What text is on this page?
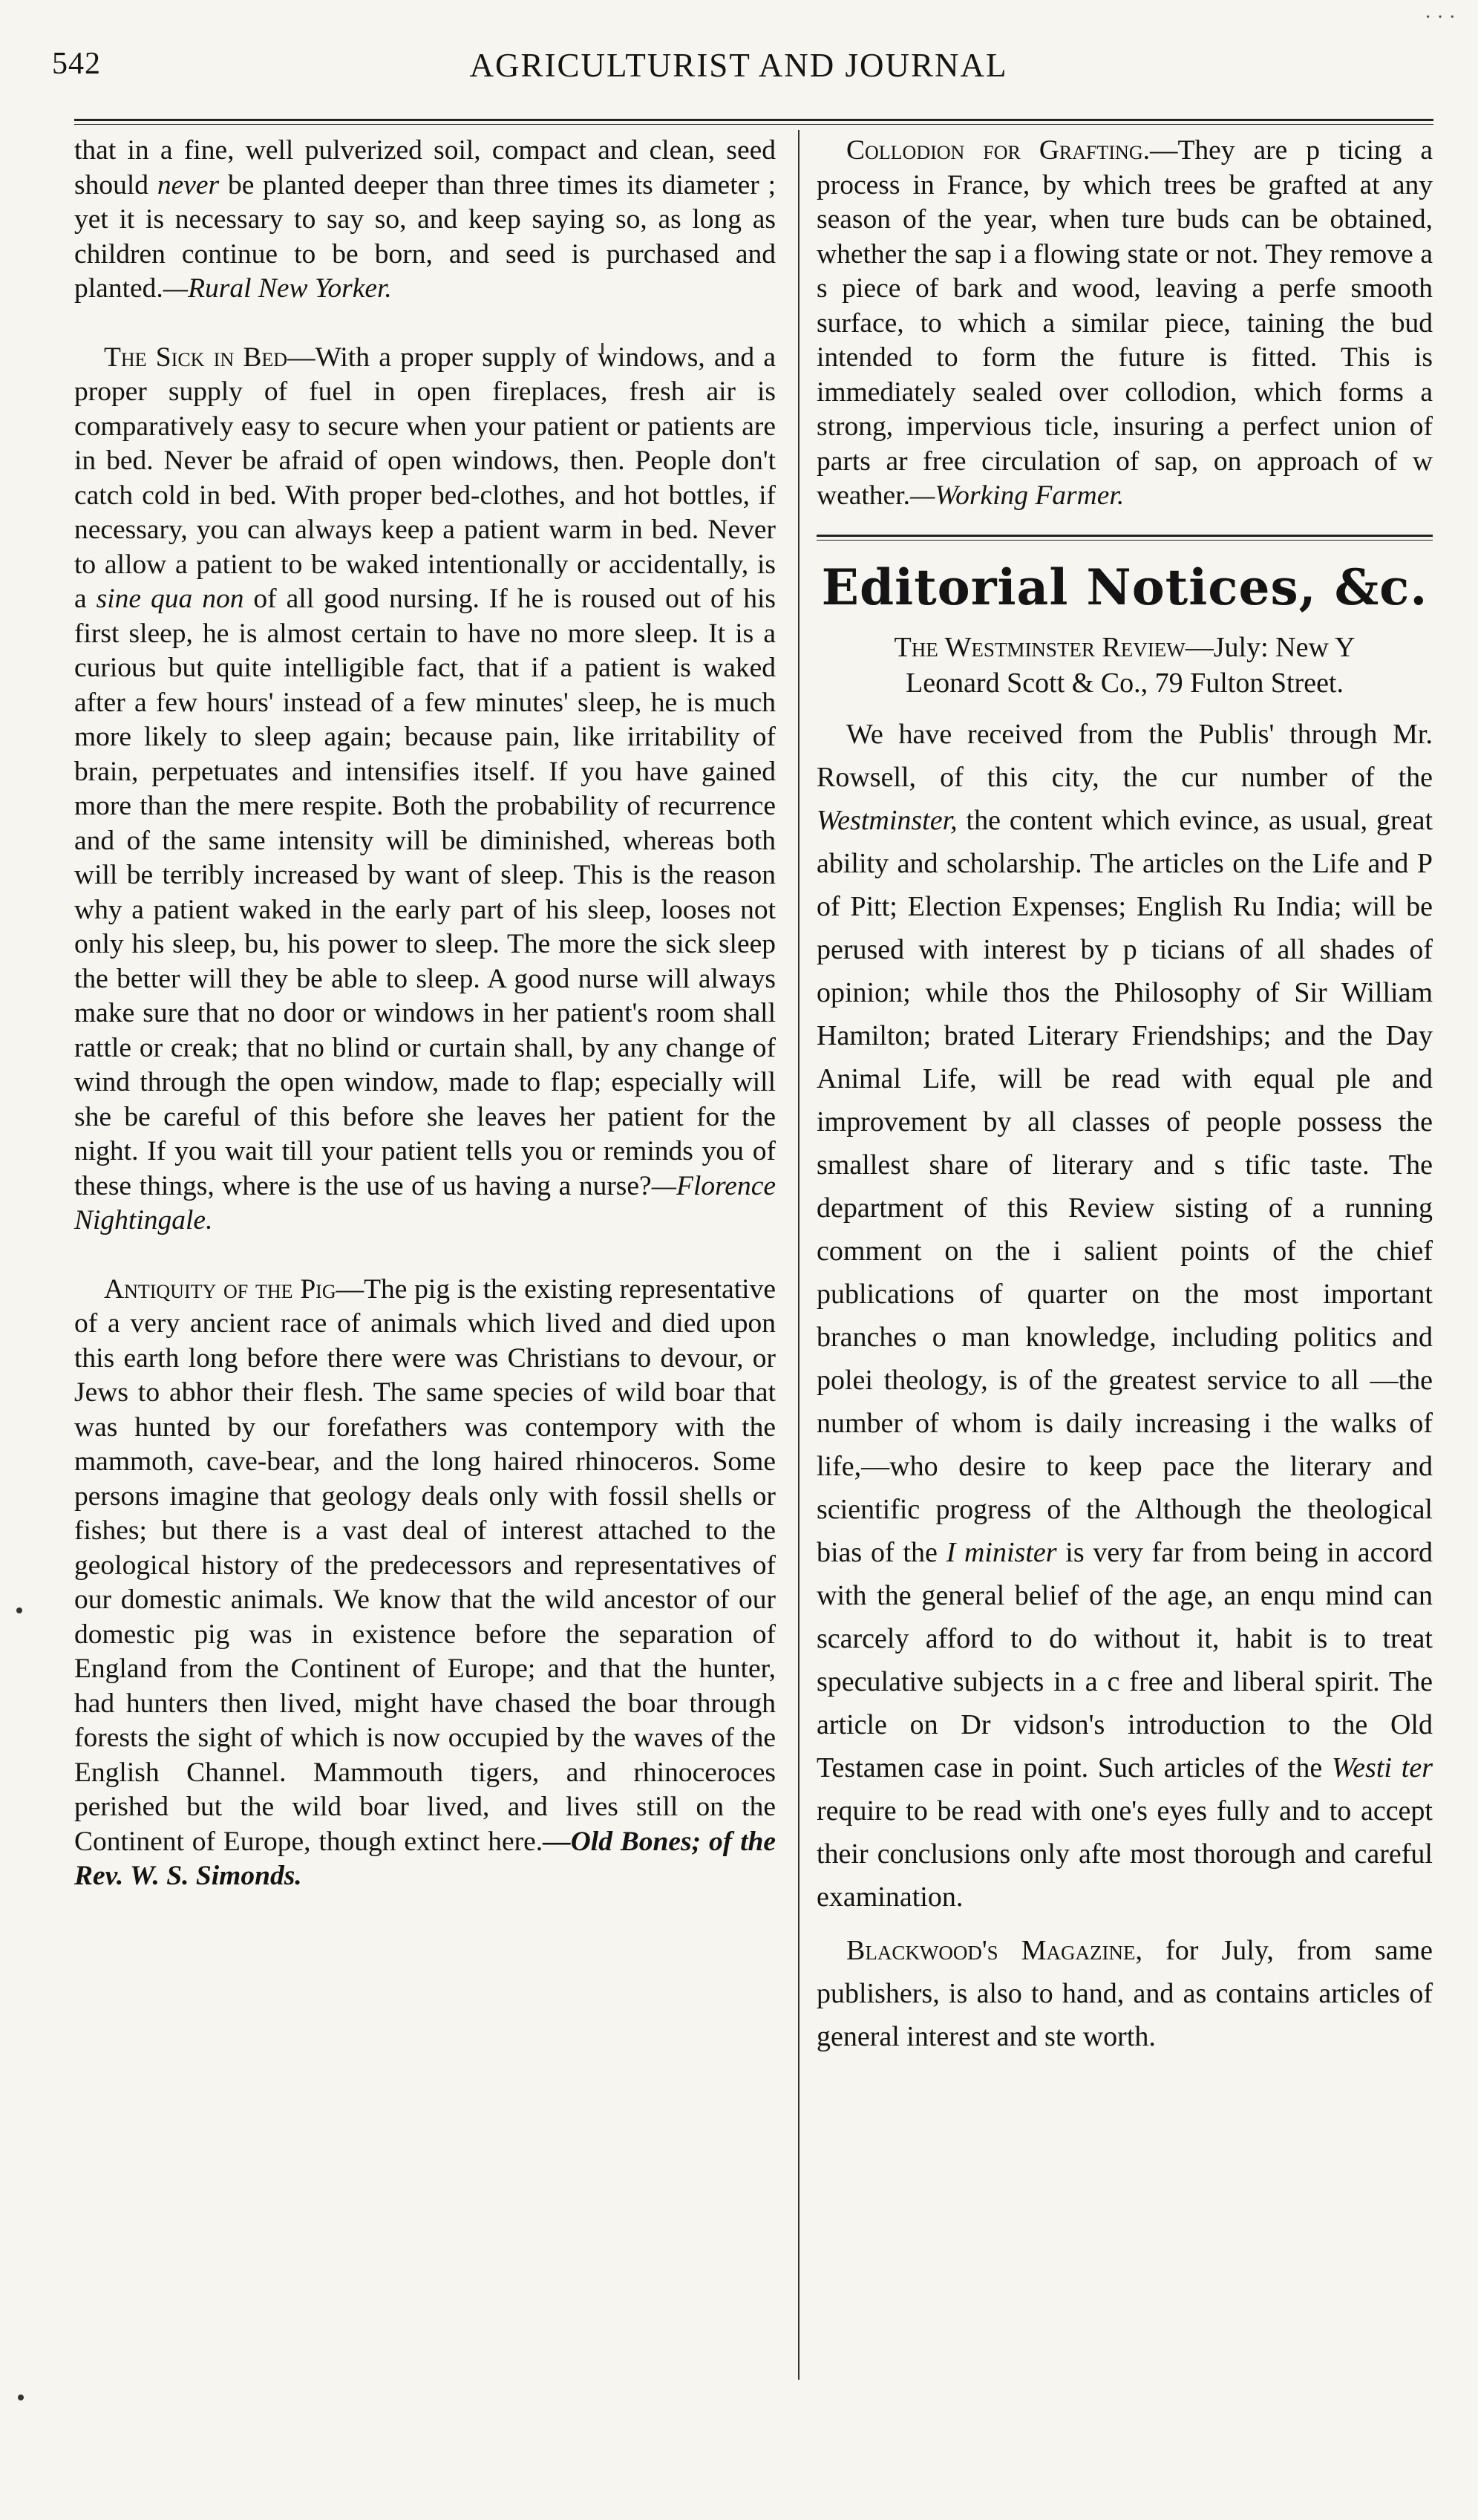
· · ·
542	AGRICULTURIST AND JOURNAL

that in a fine, well pulverized soil, compact and clean, seed should never be planted deeper than three times its diameter ; yet it is necessary to say so, and keep saying so, as long as children continue to be born, and seed is purchased and planted.—Rural New Yorker.

The Sick in Bed—With a proper supply of windows, and a proper supply of fuel in open fireplaces, fresh air is comparatively easy to secure when your patient or patients are in bed. Never be afraid of open windows, then. People don't catch cold in bed. With proper bed-clothes, and hot bottles, if necessary, you can always keep a patient warm in bed. Never to allow a patient to be waked intentionally or accidentally, is a sine qua non of all good nursing. If he is roused out of his first sleep, he is almost certain to have no more sleep. It is a curious but quite intelligible fact, that if a patient is waked after a few hours' instead of a few minutes' sleep, he is much more likely to sleep again; because pain, like irritability of brain, perpetuates and intensifies itself. If you have gained more than the mere respite. Both the probability of recurrence and of the same intensity will be diminished, whereas both will be terribly increased by want of sleep. This is the reason why a patient waked in the early part of his sleep, looses not only his sleep, bu, his power to sleep. The more the sick sleep the better will they be able to sleep. A good nurse will always make sure that no door or windows in her patient's room shall rattle or creak; that no blind or curtain shall, by any change of wind through the open window, made to flap; especially will she be careful of this before she leaves her patient for the night. If you wait till your patient tells you or reminds you of these things, where is the use of us having a nurse?—Florence Nightingale.

Antiquity of the Pig—The pig is the existing representative of a very ancient race of animals which lived and died upon this earth long before there were was Christians to devour, or Jews to abhor their flesh. The same species of wild boar that was hunted by our forefathers was contempory with the mammoth, cave-bear, and the long haired rhinoceros. Some persons imagine that geology deals only with fossil shells or fishes; but there is a vast deal of interest attached to the geological history of the predecessors and representatives of our domestic animals. We know that the wild ancestor of our domestic pig was in existence before the separation of England from the Continent of Europe; and that the hunter, had hunters then lived, might have chased the boar through forests the sight of which is now occupied by the waves of the English Channel. Mammouth tigers, and rhinoceroces perished but the wild boar lived, and lives still on the Continent of Europe, though extinct here.—Old Bones; of the Rev. W. S. Simonds.

Collodion for Grafting.—They are p ticing a process in France, by which trees be grafted at any season of the year, when ture buds can be obtained, whether the sap i a flowing state or not. They remove a s piece of bark and wood, leaving a perfe smooth surface, to which a similar piece, taining the bud intended to form the future is fitted. This is immediately sealed over collodion, which forms a strong, impervious ticle, insuring a perfect union of parts ar free circulation of sap, on approach of w weather.—Working Farmer.

Editorial Notices, &c.
The Westminster Review—July: New Y
Leonard Scott & Co., 79 Fulton Street.

We have received from the Publis' through Mr. Rowsell, of this city, the cur number of the Westminster, the content which evince, as usual, great ability and scholarship. The articles on the Life and P of Pitt; Election Expenses; English Ru India; will be perused with interest by p ticians of all shades of opinion; while thos the Philosophy of Sir William Hamilton; brated Literary Friendships; and the Day Animal Life, will be read with equal ple and improvement by all classes of people possess the smallest share of literary and s tific taste. The department of this Review sisting of a running comment on the i salient points of the chief publications of quarter on the most important branches o man knowledge, including politics and polei theology, is of the greatest service to all —the number of whom is daily increasing i the walks of life,—who desire to keep pace the literary and scientific progress of the Although the theological bias of the I minister is very far from being in accord with the general belief of the age, an enqu mind can scarcely afford to do without it, habit is to treat speculative subjects in a c free and liberal spirit. The article on Dr vidson's introduction to the Old Testamen case in point. Such articles of the Westi ter require to be read with one's eyes fully and to accept their conclusions only afte most thorough and careful examination.

Blackwood's Magazine, for July, from same publishers, is also to hand, and as contains articles of general interest and ste worth.
